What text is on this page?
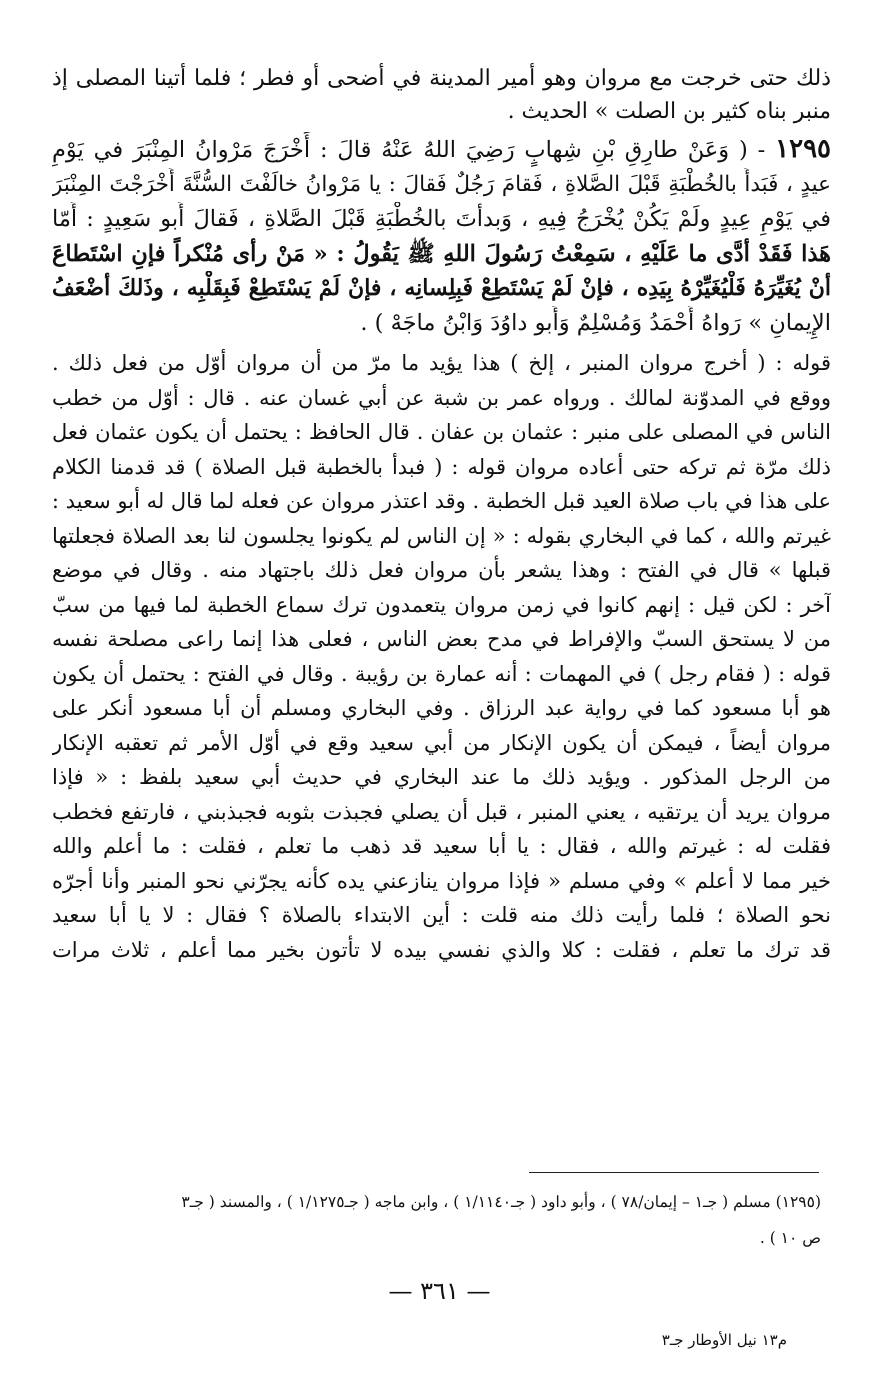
ذلك حتى خرجت مع مروان وهو أمير المدينة في أضحى أو فطر ؛ فلما أتينا المصلى إذ
منبر بناه كثير بن الصلت » الحديث .
١٢٩٥ - ( وَعَنْ طارِقِ بْنِ شِهابٍ رَضِيَ اللهُ عَنْهُ قالَ : أَخْرَجَ مَرْوانُ المِنْبَرَ في يَوْمِ
عيدٍ ، فَبَدأَ بالخُطْبَةِ قَبْلَ الصَّلاةِ ، فَقامَ رَجُلٌ فَقالَ : يا مَرْوانُ خالَفْتَ السُّنَّةَ أَخْرَجْتَ المِنْبَرَ
في يَوْمِ عِيدٍ ولَمْ يَكُنْ يُخْرَجُ فِيهِ ، وَبدأتَ بالخُطْبَةِ قَبْلَ الصَّلاةِ ، فَقالَ أَبو سَعِيدٍ : أَمّا
هَذا فَقَدْ أدَّى ما عَلَيْهِ ، سَمِعْتُ رَسُولَ اللهِ ﷺ يَقُولُ : « مَنْ رأى مُنْكراً فإنِ اسْتَطاعَ
أنْ يُغَيِّرَهُ فَلْيُغَيِّرْهُ بِيَدِه ، فإنْ لَمْ يَسْتَطِعْ فَبِلِسانِه ، فإنْ لَمْ يَسْتَطِعْ فَبِقَلْبِه ، وذَلكَ أضْعَفُ
الإِيمانِ » رَواهُ أَحْمَدُ وَمُسْلِمٌ وَأَبو داوُدَ وَابْنُ ماجَهْ ) .
قوله : ( أخرج مروان المنبر ، إلخ ) هذا يؤيد ما مرّ من أن مروان أوّل من فعل ذلك .
ووقع في المدوّنة لمالك . ورواه عمر بن شبة عن أبي غسان عنه . قال : أوّل من خطب
الناس في المصلى على منبر : عثمان بن عفان . قال الحافظ : يحتمل أن يكون عثمان فعل
ذلك مرّة ثم تركه حتى أعاده مروان قوله : ( فبدأ بالخطبة قبل الصلاة ) قد قدمنا الكلام
على هذا في باب صلاة العيد قبل الخطبة . وقد اعتذر مروان عن فعله لما قال له أبو سعيد :
غيرتم والله ، كما في البخاري بقوله : « إن الناس لم يكونوا يجلسون لنا بعد الصلاة فجعلتها
قبلها » قال في الفتح : وهذا يشعر بأن مروان فعل ذلك باجتهاد منه . وقال في موضع
آخر : لكن قيل : إنهم كانوا في زمن مروان يتعمدون ترك سماع الخطبة لما فيها من سبّ
من لا يستحق السبّ والإفراط في مدح بعض الناس ، فعلى هذا إنما راعى مصلحة نفسه
قوله : ( فقام رجل ) في المهمات : أنه عمارة بن رؤيبة . وقال في الفتح : يحتمل أن يكون
هو أبا مسعود كما في رواية عبد الرزاق . وفي البخاري ومسلم أن أبا مسعود أنكر على
مروان أيضاً ، فيمكن أن يكون الإنكار من أبي سعيد وقع في أوّل الأمر ثم تعقبه الإنكار
من الرجل المذكور . ويؤيد ذلك ما عند البخاري في حديث أبي سعيد بلفظ : « فإذا
مروان يريد أن يرتقيه ، يعني المنبر ، قبل أن يصلي فجبذت بثوبه فجبذبني ، فارتفع فخطب
فقلت له : غيرتم والله ، فقال : يا أبا سعيد قد ذهب ما تعلم ، فقلت : ما أعلم والله
خير مما لا أعلم » وفي مسلم « فإذا مروان ينازعني يده كأنه يجرّني نحو المنبر وأنا أجرّه
نحو الصلاة ؛ فلما رأيت ذلك منه قلت : أين الابتداء بالصلاة ؟ فقال : لا يا أبا سعيد
قد ترك ما تعلم ، فقلت : كلا والذي نفسي بيده لا تأتون بخير مما أعلم ، ثلاث مرات
(١٢٩٥) مسلم ( جـ١ – إيمان/٧٨ ) ، وأبو داود ( جـ١/١١٤٠ ) ، وابن ماجه ( جـ١/١٢٧٥ ) ، والمسند ( جـ٣
ص ١٠ ) .
— ٣٦١ —
م١٣ نيل الأوطار جـ٣
